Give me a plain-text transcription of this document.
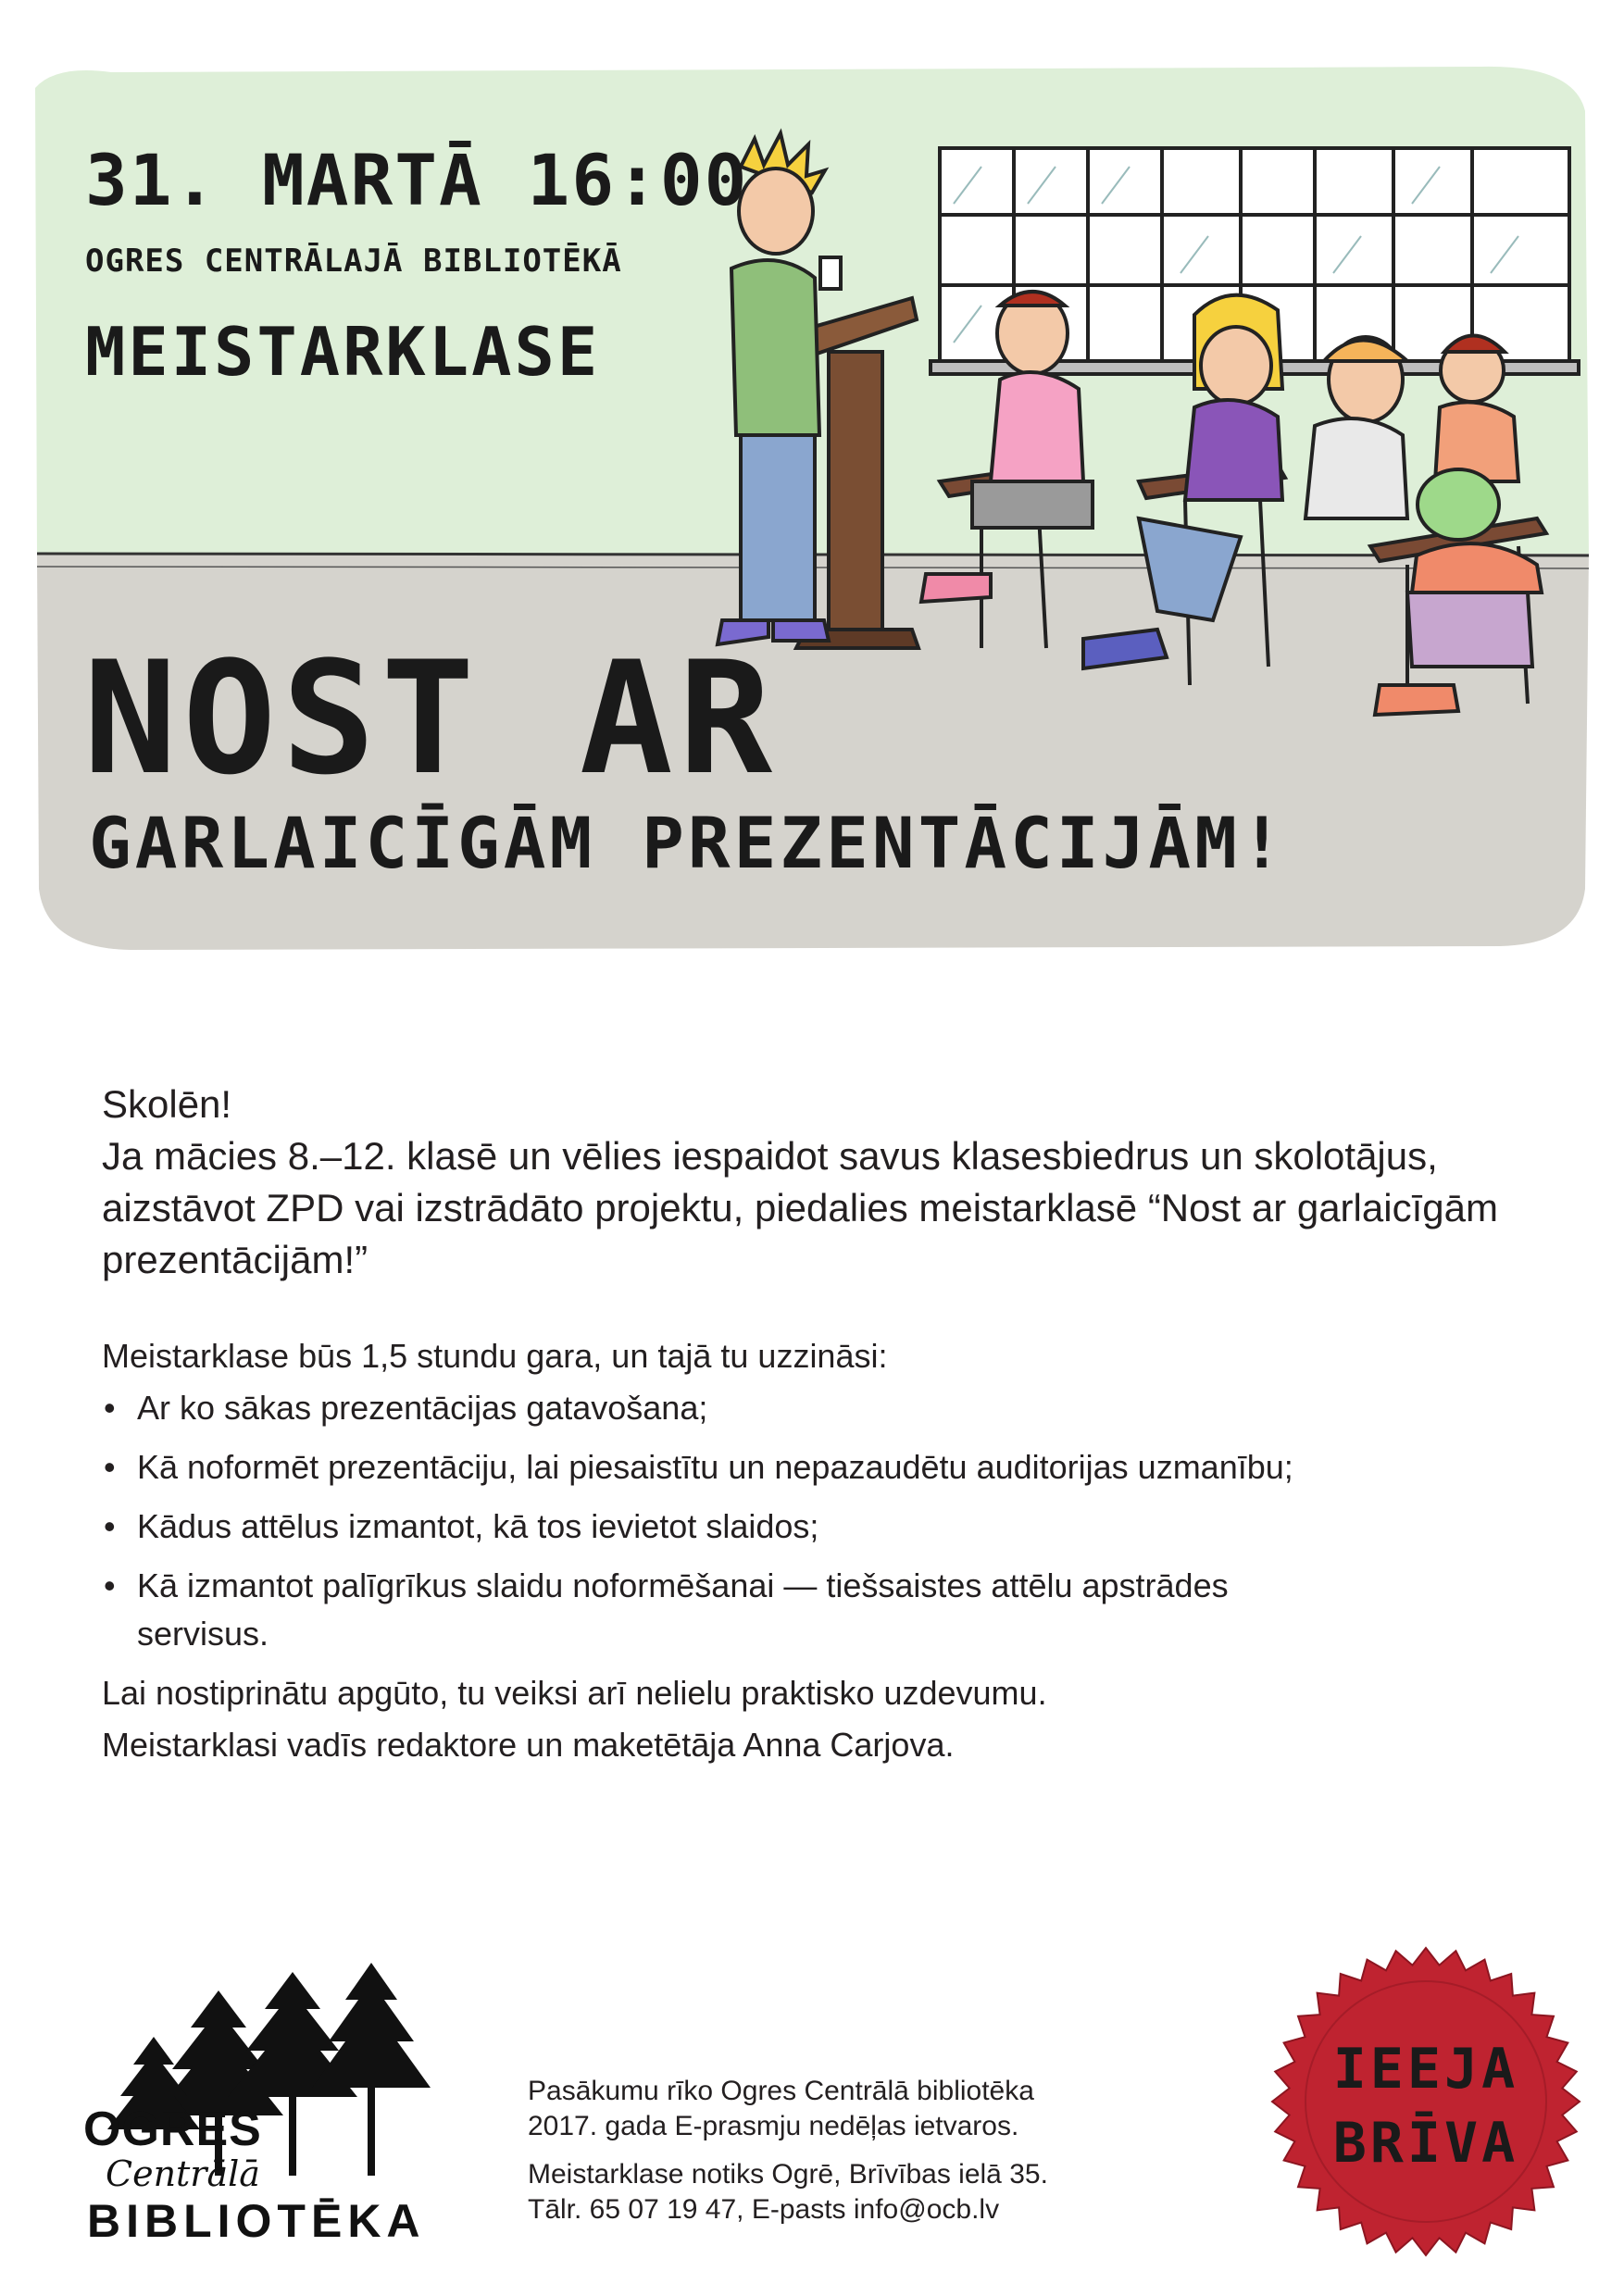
31. MARTĀ 16:00
OGRES CENTRĀLAJĀ BIBLIOTĒKĀ
MEISTARKLASE
NOST AR
GARLAICĪGĀM PREZENTĀCIJĀM!

Skolēn!

Ja mācies 8.–12. klasē un vēlies iespaidot savus klasesbiedrus un skolotājus, aizstāvot ZPD vai izstrādāto projektu, piedalies meistarklasē “Nost ar garlaicīgām prezentācijām!”

Meistarklase būs 1,5 stundu gara, un tajā tu uzzināsi:

• Ar ko sākas prezentācijas gatavošana;
• Kā noformēt prezentāciju, lai piesaistītu un nepazaudētu auditorijas uzmanību;
• Kādus attēlus izmantot, kā tos ievietot slaidos;
• Kā izmantot palīgrīkus slaidu noformēšanai — tiešsaistes attēlu apstrādes servisus.

Lai nostiprinātu apgūto, tu veiksi arī nelielu praktisko uzdevumu.

Meistarklasi vadīs redaktore un maketētāja Anna Carjova.

OGRES
Centrālā
BIBLIOTĒKA

Pasākumu rīko Ogres Centrālā bibliotēka

2017. gada E-prasmju nedēļas ietvaros.

Meistarklase notiks Ogrē, Brīvības ielā 35.

Tālr. 65 07 19 47, E-pasts info@ocb.lv

IEEJA
BRĪVA
